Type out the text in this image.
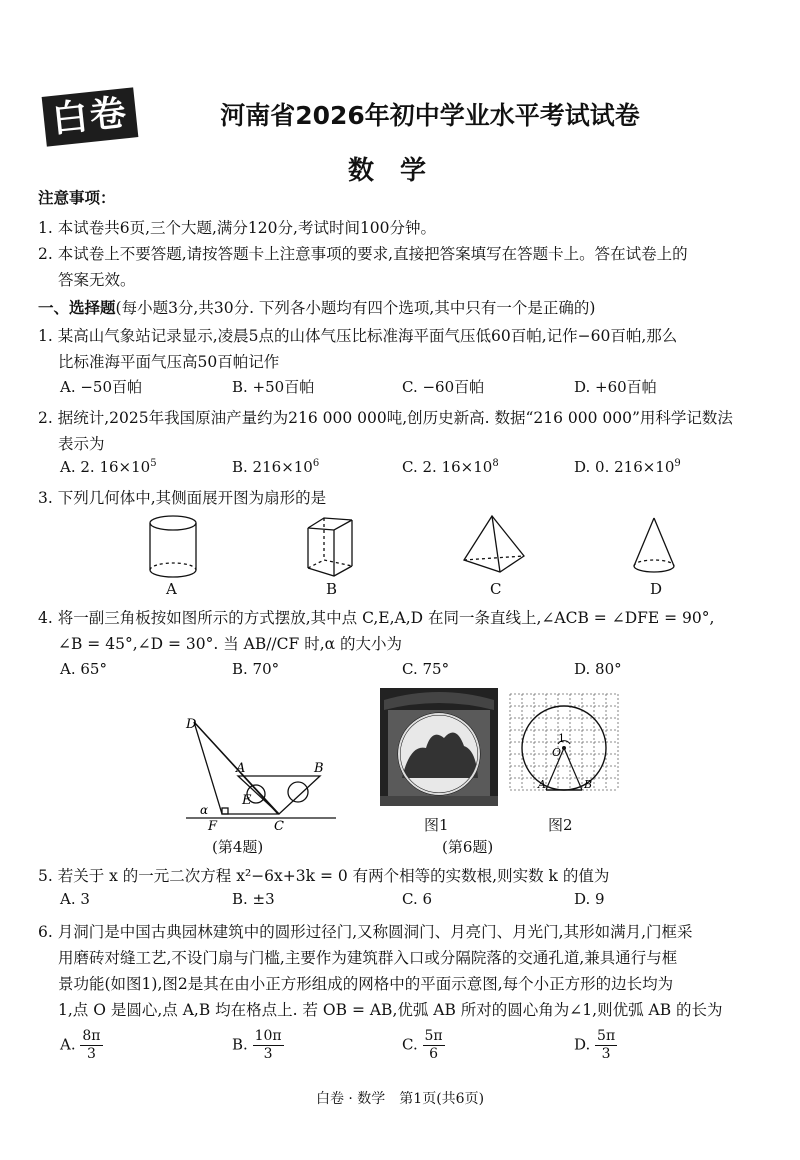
白卷	河南省2026年初中学业水平考试试卷
数学
注意事项：
1. 本试卷共6页,三个大题,满分120分,考试时间100分钟。
2. 本试卷上不要答题,请按答题卡上注意事项的要求,直接把答案填写在答题卡上。答在试卷上的
答案无效。
一、选择题(每小题3分,共30分. 下列各小题均有四个选项,其中只有一个是正确的)
1. 某高山气象站记录显示,凌晨5点的山体气压比标准海平面气压低60百帕,记作−60百帕,那么
比标准海平面气压高50百帕记作
A. −50百帕	B. +50百帕	C. −60百帕	D. +60百帕
2. 据统计,2025年我国原油产量约为216 000 000吨,创历史新高. 数据“216 000 000”用科学记数法
表示为
A. 2. $16\times 10^5$	B. $216\times 10^6$	C. 2. $16\times 10^8$	D. 0. $216\times 10^9$
3. 下列几何体中,其侧面展开图为扇形的是
A	B	C	D
4. 将一副三角板按如图所示的方式摆放,其中点 C,E,A,D 在同一条直线上,∠ACB = ∠DFE = 90°,
∠B = 45°,∠D = 30°. 当 AB//CF 时,α 的大小为
A. 65°	B. 70°	C. 75°	D. 80°
D
A	B
E
F	C
α
(第4题)
图1
(第6题)
1
O
A	B
图2
5. 若关于 x 的一元二次方程 x²−6x+3k = 0 有两个相等的实数根,则实数 k 的值为
A. 3	B. ±3	C. 6	D. 9
6. 月洞门是中国古典园林建筑中的圆形过径门,又称圆洞门、月亮门、月光门,其形如满月,门框采
用磨砖对缝工艺,不设门扇与门槛,主要作为建筑群入口或分隔院落的交通孔道,兼具通行与框
景功能(如图1),图2是其在由小正方形组成的网格中的平面示意图,每个小正方形的边长均为
1,点 O 是圆心,点 A,B 均在格点上. 若 OB = AB,优弧 AB 所对的圆心角为∠1,则优弧 AB 的长为
A. $\frac{8\pi}{3}$	B. $\frac{10\pi}{3}$	C. $\frac{5\pi}{6}$	D. $\frac{5\pi}{3}$
白卷 · 数学　第1页(共6页)
